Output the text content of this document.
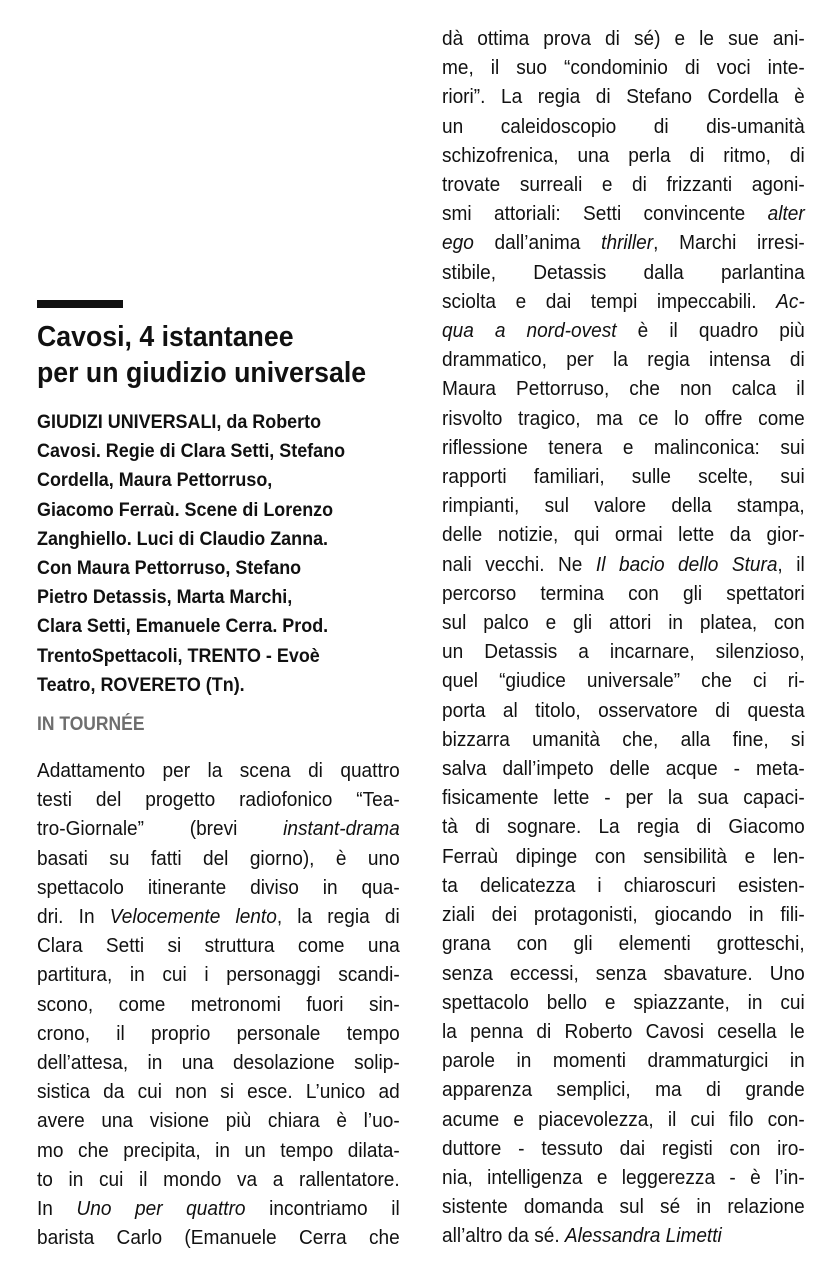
Cavosi, 4 istantanee
per un giudizio universale
GIUDIZI UNIVERSALI, da Roberto
Cavosi. Regie di Clara Setti, Stefano
Cordella, Maura Pettorruso,
Giacomo Ferraù. Scene di Lorenzo
Zanghiello. Luci di Claudio Zanna.
Con Maura Pettorruso, Stefano
Pietro Detassis, Marta Marchi,
Clara Setti, Emanuele Cerra. Prod.
TrentoSpettacoli, TRENTO - Evoè
Teatro, ROVERETO (Tn).
IN TOURNÉE
Adattamento per la scena di quattro
testi del progetto radiofonico “Tea-
tro-Giornale” (brevi instant-drama
basati su fatti del giorno), è uno
spettacolo itinerante diviso in qua-
dri. In Velocemente lento, la regia di
Clara Setti si struttura come una
partitura, in cui i personaggi scandi-
scono, come metronomi fuori sin-
crono, il proprio personale tempo
dell’attesa, in una desolazione solip-
sistica da cui non si esce. L’unico ad
avere una visione più chiara è l’uo-
mo che precipita, in un tempo dilata-
to in cui il mondo va a rallentatore.
In Uno per quattro incontriamo il
barista Carlo (Emanuele Cerra che
dà ottima prova di sé) e le sue ani-
me, il suo “condominio di voci inte-
riori”. La regia di Stefano Cordella è
un caleidoscopio di dis-umanità
schizofrenica, una perla di ritmo, di
trovate surreali e di frizzanti agoni-
smi attoriali: Setti convincente alter
ego dall’anima thriller, Marchi irresi-
stibile, Detassis dalla parlantina
sciolta e dai tempi impeccabili. Ac-
qua a nord-ovest è il quadro più
drammatico, per la regia intensa di
Maura Pettorruso, che non calca il
risvolto tragico, ma ce lo offre come
riflessione tenera e malinconica: sui
rapporti familiari, sulle scelte, sui
rimpianti, sul valore della stampa,
delle notizie, qui ormai lette da gior-
nali vecchi. Ne Il bacio dello Stura, il
percorso termina con gli spettatori
sul palco e gli attori in platea, con
un Detassis a incarnare, silenzioso,
quel “giudice universale” che ci ri-
porta al titolo, osservatore di questa
bizzarra umanità che, alla fine, si
salva dall’impeto delle acque - meta-
fisicamente lette - per la sua capaci-
tà di sognare. La regia di Giacomo
Ferraù dipinge con sensibilità e len-
ta delicatezza i chiaroscuri esisten-
ziali dei protagonisti, giocando in fili-
grana con gli elementi grotteschi,
senza eccessi, senza sbavature. Uno
spettacolo bello e spiazzante, in cui
la penna di Roberto Cavosi cesella le
parole in momenti drammaturgici in
apparenza semplici, ma di grande
acume e piacevolezza, il cui filo con-
duttore - tessuto dai registi con iro-
nia, intelligenza e leggerezza - è l’in-
sistente domanda sul sé in relazione
all’altro da sé. Alessandra Limetti
